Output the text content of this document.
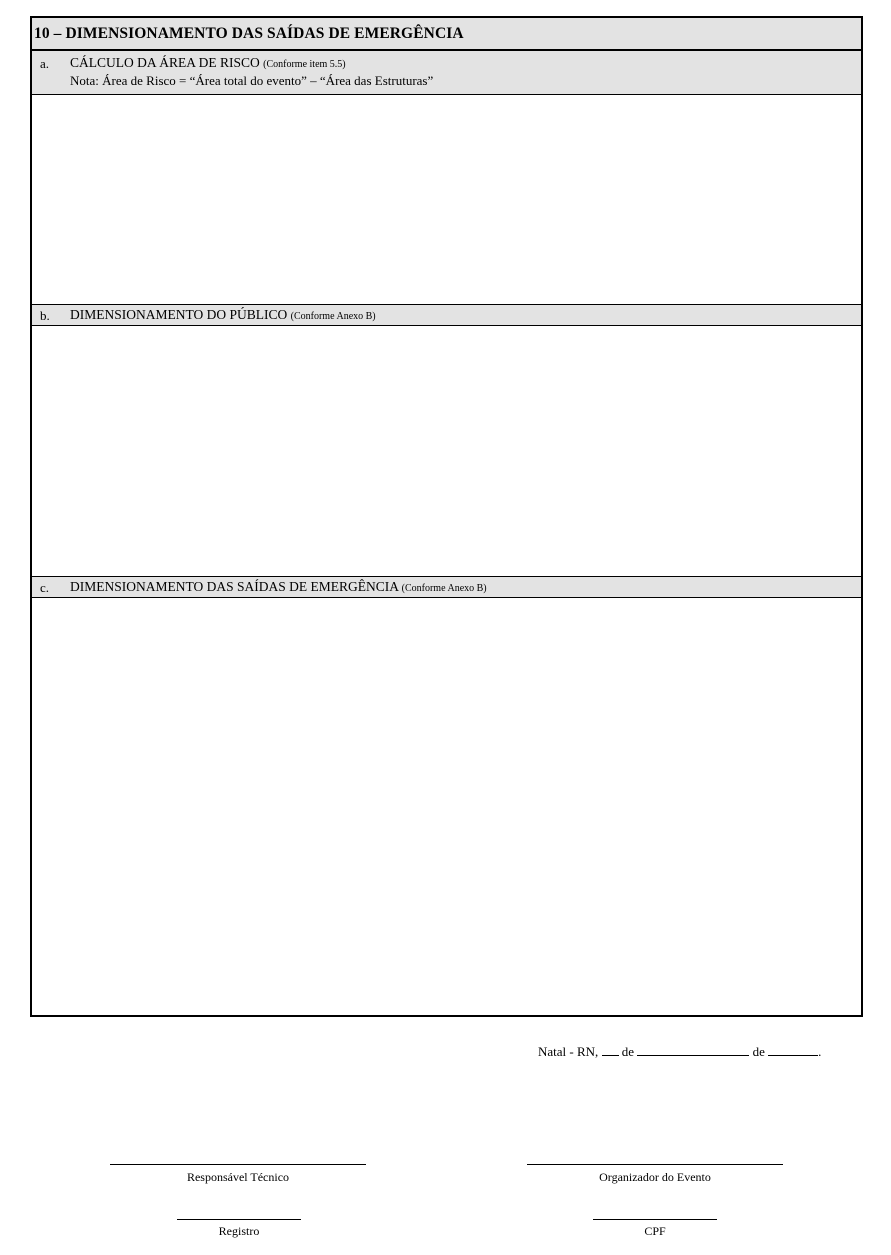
10 – DIMENSIONAMENTO DAS SAÍDAS DE EMERGÊNCIA
a. CÁLCULO DA ÁREA DE RISCO (Conforme item 5.5)
Nota: Área de Risco = “Área total do evento” – “Área das Estruturas”
b. DIMENSIONAMENTO DO PÚBLICO (Conforme Anexo B)
c. DIMENSIONAMENTO DAS SAÍDAS DE EMERGÊNCIA (Conforme Anexo B)
Natal - RN, de	de	.
Responsável Técnico	Organizador do Evento
Registro	CPF
